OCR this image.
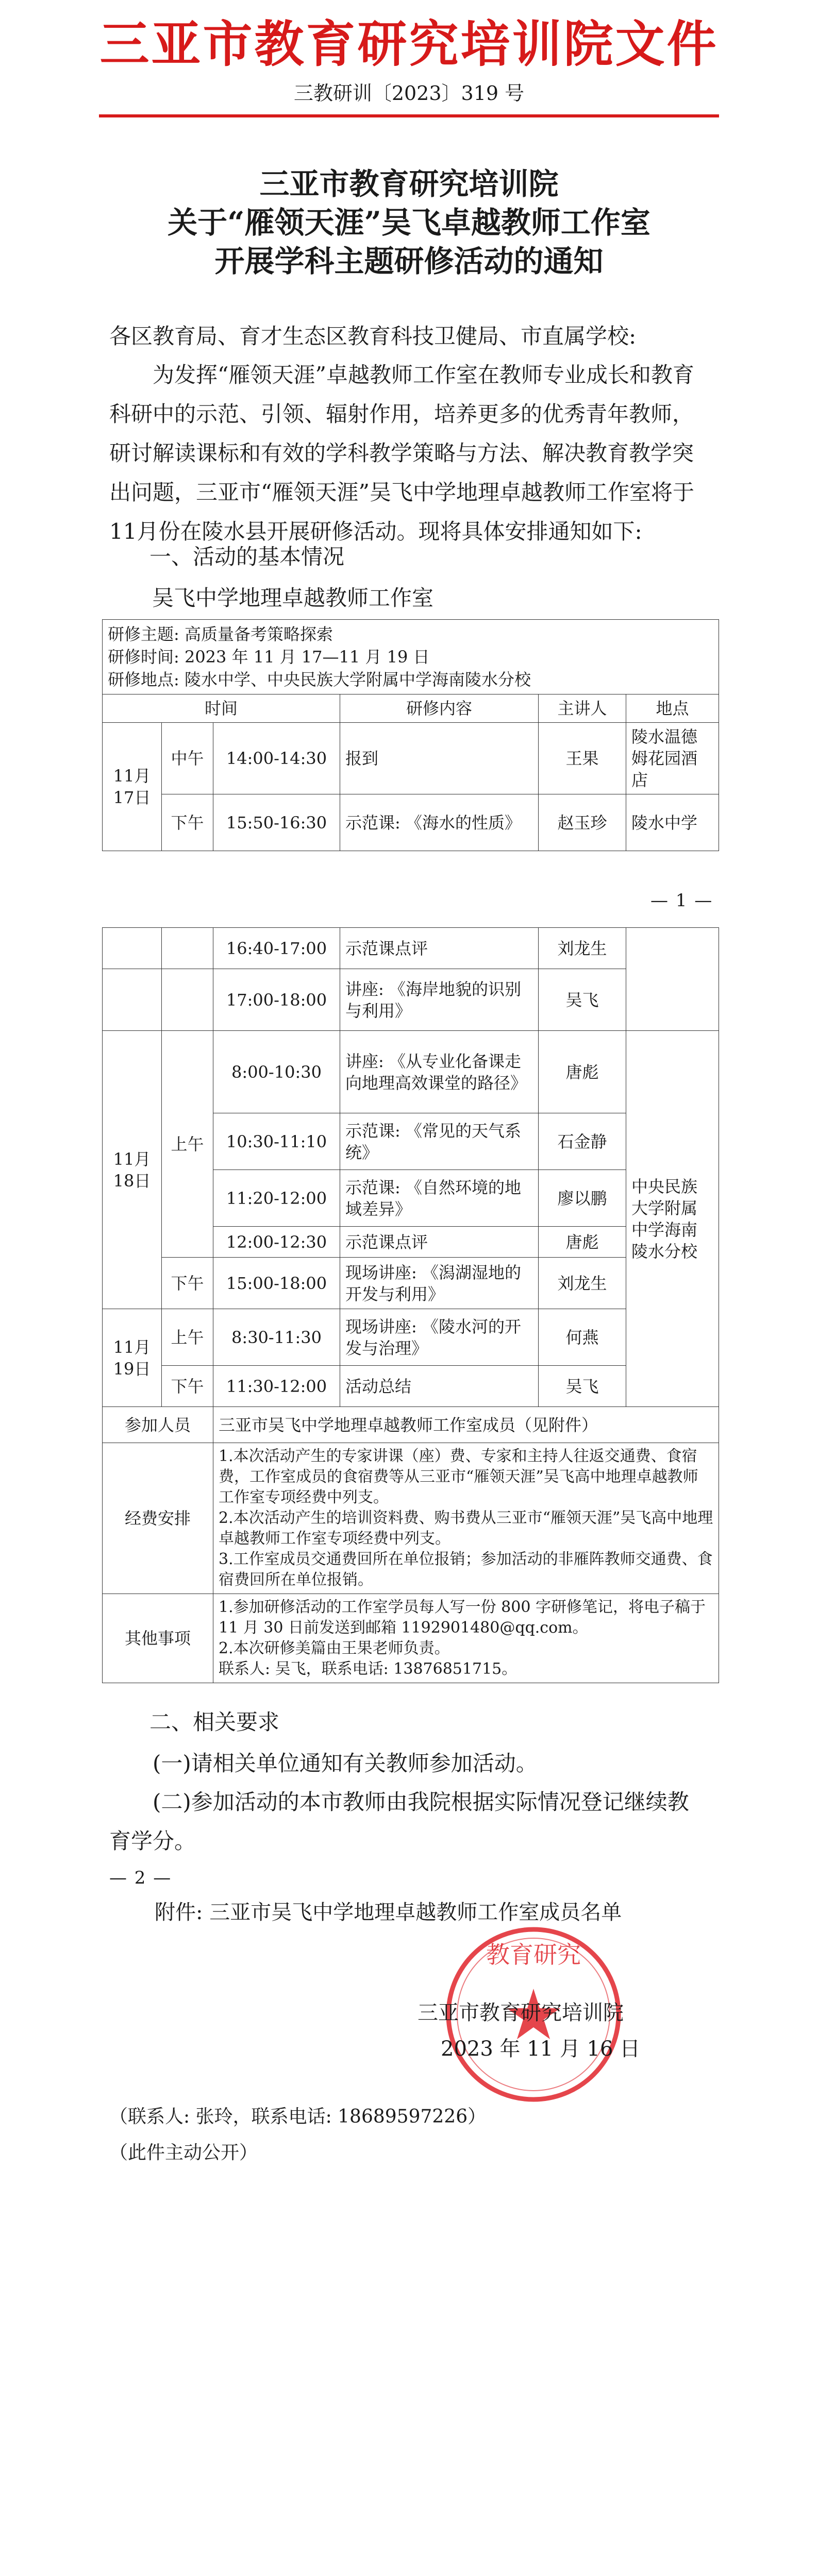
三亚市教育研究培训院文件
三教研训〔2023〕319 号
三亚市教育研究培训院
关于“雁领天涯”吴飞卓越教师工作室
开展学科主题研修活动的通知
各区教育局、育才生态区教育科技卫健局、市直属学校:
为发挥“雁领天涯”卓越教师工作室在教师专业成长和教育科研中的示范、引领、辐射作用，培养更多的优秀青年教师，研讨解读课标和有效的学科教学策略与方法、解决教育教学突出问题，三亚市“雁领天涯”吴飞中学地理卓越教师工作室将于11月份在陵水县开展研修活动。现将具体安排通知如下:
一、活动的基本情况
吴飞中学地理卓越教师工作室
研修主题: 高质量备考策略探索
研修时间: 2023 年 11 月 17—11 月 19 日
研修地点: 陵水中学、中央民族大学附属中学海南陵水分校					

时间			研修内容	主讲人	地点
11月17日	中午	14:00-14:30	报到	王果	陵水温德姆花园酒店
	下午	15:50-16:30	示范课: 《海水的性质》	赵玉珍	陵水中学
— 1 —
		16:40-17:00	示范课点评	刘龙生	
		17:00-18:00	讲座: 《海岸地貌的识别与利用》	吴飞	
11月18日	上午	8:00-10:30	讲座: 《从专业化备课走向地理高效课堂的路径》	唐彪	中央民族大学附属中学海南陵水分校
		10:30-11:10	示范课: 《常见的天气系统》	石金静	
		11:20-12:00	示范课: 《自然环境的地域差异》	廖以鹏	
		12:00-12:30	示范课点评	唐彪	
	下午	15:00-18:00	现场讲座: 《潟湖湿地的开发与利用》	刘龙生	
11月19日	上午	8:30-11:30	现场讲座: 《陵水河的开发与治理》	何燕	
	下午	11:30-12:00	活动总结	吴飞	
参加人员		三亚市吴飞中学地理卓越教师工作室成员（见附件）			
经费安排		1.本次活动产生的专家讲课（座）费、专家和主持人往返交通费、食宿费，工作室成员的食宿费等从三亚市“雁领天涯”吴飞高中地理卓越教师工作室专项经费中列支。
2.本次活动产生的培训资料费、购书费从三亚市“雁领天涯”吴飞高中地理卓越教师工作室专项经费中列支。
3.工作室成员交通费回所在单位报销；参加活动的非雁阵教师交通费、食宿费回所在单位报销。			
其他事项		1.参加研修活动的工作室学员每人写一份 800 字研修笔记，将电子稿于 11 月 30 日前发送到邮箱 1192901480@qq.com。
2.本次研修美篇由王果老师负责。
联系人: 吴飞，联系电话: 13876851715。			
二、相关要求
(一)请相关单位通知有关教师参加活动。
(二)参加活动的本市教师由我院根据实际情况登记继续教育学分。
— 2 —
附件: 三亚市吴飞中学地理卓越教师工作室成员名单
教育研究
三亚市教育研究培训院
2023 年 11 月 16 日
（联系人: 张玲，联系电话: 18689597226）
（此件主动公开）
